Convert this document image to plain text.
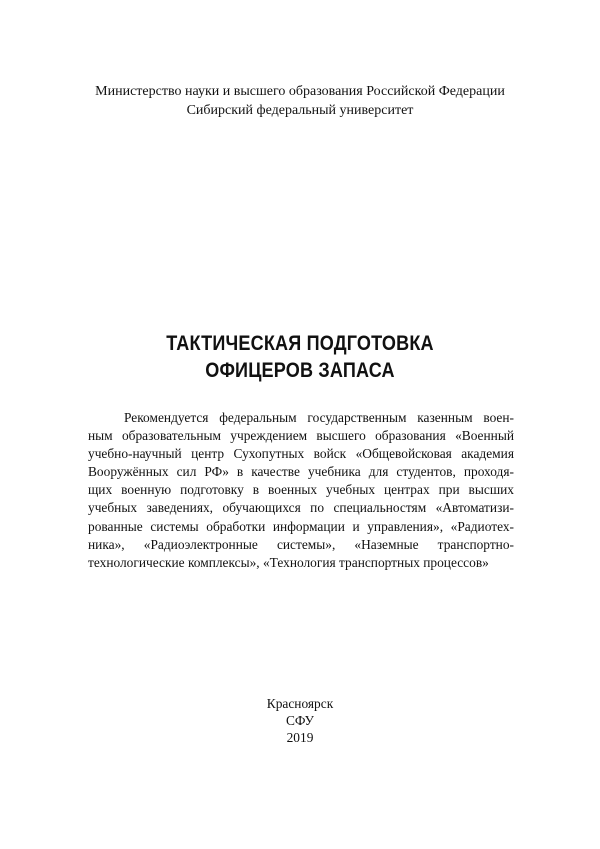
Министерство науки и высшего образования Российской Федерации
Сибирский федеральный университет
ТАКТИЧЕСКАЯ ПОДГОТОВКА
ОФИЦЕРОВ ЗАПАСА
Рекомендуется федеральным государственным казенным воен-
ным образовательным учреждением высшего образования «Военный
учебно-научный центр Сухопутных войск «Общевойсковая академия
Вооружённых сил РФ» в качестве учебника для студентов, проходя-
щих военную подготовку в военных учебных центрах при высших
учебных заведениях, обучающихся по специальностям «Автоматизи-
рованные системы обработки информации и управления», «Радиотех-
ника», «Радиоэлектронные системы», «Наземные транспортно-
технологические комплексы», «Технология транспортных процессов»
Красноярск
СФУ
2019
